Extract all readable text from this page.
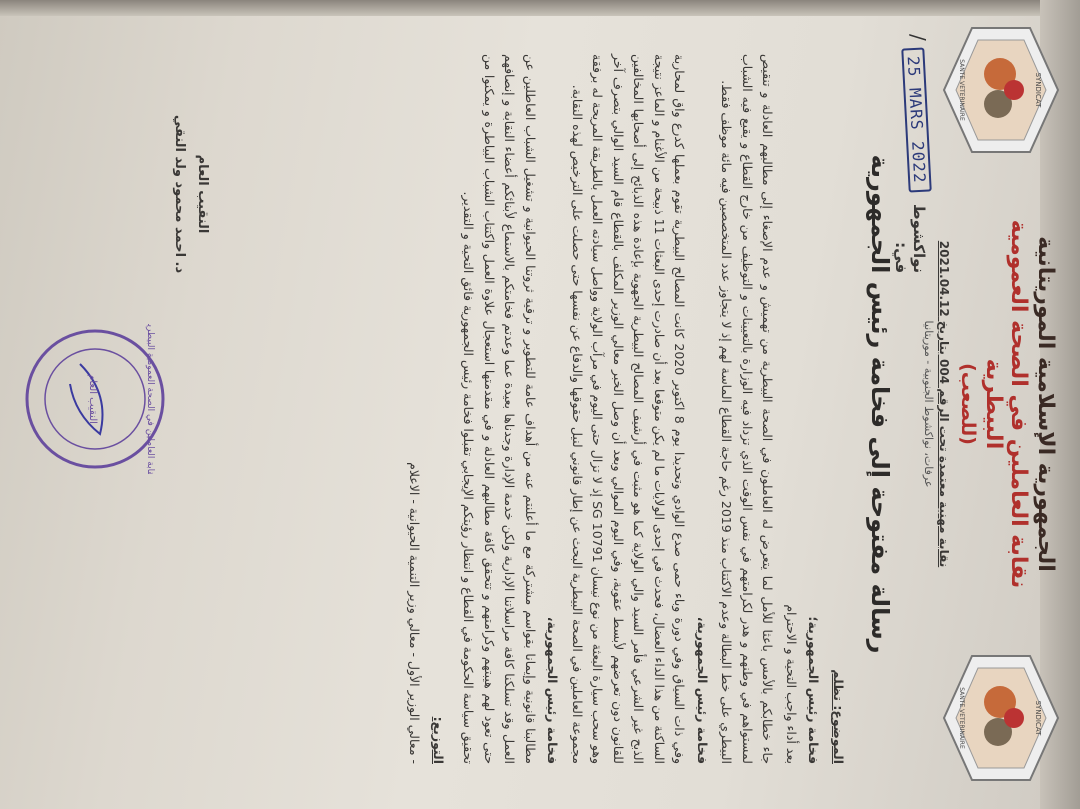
SYNDICAT
SANTE VETERINAIRE
SYNDICAT
SANTE VETERINAIRE

الجمهورية الإسلامية الموريتانية

نقابة العاملين في الصحة العمومية البيطرية

(للصعب)

نقابة مهنية معتمدة تحت الرقم 004 بتاريخ 2021.04.12

عرفات، نواكشوط الجنوبية - موريتانيا

/
25 MARS 2022
نواكشوط في:
رسالة مفتوحة إلى فخامة رئيس الجمهورية

الموضوع: تظلم

فخامة رئيس الجمهورية؛

بعد أداء واجب التحية و الاحترام

جاء خطابكم بالأمس باعثا للأمل لما يتعرض له العاملون في الصحة البيطرية من تهميش و عدم الإصغاء إلى مطالبهم العادلة و تنقيص لمستواهم في وطنهم و هدر لكرامتهم في نفس الوقت الذي تزداد فيه الوزارة بالتعيينات و التوظيف من خارج القطاع و يقبع فيه الشباب البيطري على خط البطالة وعدم الاكتتاب منذ 2019 رغم حاجة القطاع الماسة لهم إذ لا يتجاوز عدد المتخصصين فيه مائة موظف فقط.

فخامة رئيس الجمهورية،

وفي ذات السياق وفي دورة وباء حمى صدع الوادي وتحديدا يوم 8 اكتوبر 2020 كانت المصالح البيطرية تقوم بعملها كدرع واق لمحاربة الساكنة من هذا الداء العضال، فحدث في إحدى الولايات ما لم يكن متوقعا بعد أن صادرت إحدى البعثات 11 ذبيحة من الأغنام و الماعز نتيجة الذبح غير الشرعي فأمر السيد والي الولاية كما هو مثبت في أرشيف المصالح البيطرية الجهوية بإعادة هذه الذبائح إلى أصحابها المخالفين للقانون دون تعرضهم لأبسط عقوبة، وفي اليوم الموالي وبعد أن وصل الخبر معالي الوزير المكلف بالقطاع قام السيد الوالي بتصرف آخر وهو سحب سيارة البعثة من نوع نيسان SG 10791 إذ لا تزال حتى اليوم في مرآب الولاية وواصل سيادته العمل بالطريقة المريحة له برفقة مجموعة العاملين في الصحة البيطرية البحث عن إطار قانوني لنيل حقوقها والدفاع عن نفسها حتى حصلت على الترخيص لهذه النقابة.

فخامة رئيس الجمهورية،

مطالبنا قانونية وإيمانا بقواسم مشتركة مع ما أعلنتم عنه من أهداف عامة للتطوير و ترقية ثروتنا الحيوانية و تشغيل الشباب العاطلين عن العمل وقد تسلكنا كافة مراسلاتنا الإدارية ولكن خدمة الإدارة وجدناها بعيدة عما وعدتم فخامتكم بالاستماع لأبنائكم أعضاء النقابة و إنصافهم حتى تعود لهم هيبتهم وكرامتهم و تتحقق كافة مطالبهم العادلة و في مقدمتها استعجال علاوة العمل واكتتاب الشباب البياطرة و يمكنوا من تحقيق سياسة الحكومة في القطاع و انتظار رؤيتكم الإيجابي تقبلوا فخامة رئيس الجمهورية فائق التحية و التقدير.

التوزيع:

- معالي الوزير الأول - معالي وزير التنمية الحيوانية - الاعلام

النقيب العام
د. احمد محمود ولد النقي
نقابة العاملين في الصحة العمومية البيطرية
النقيب العام
